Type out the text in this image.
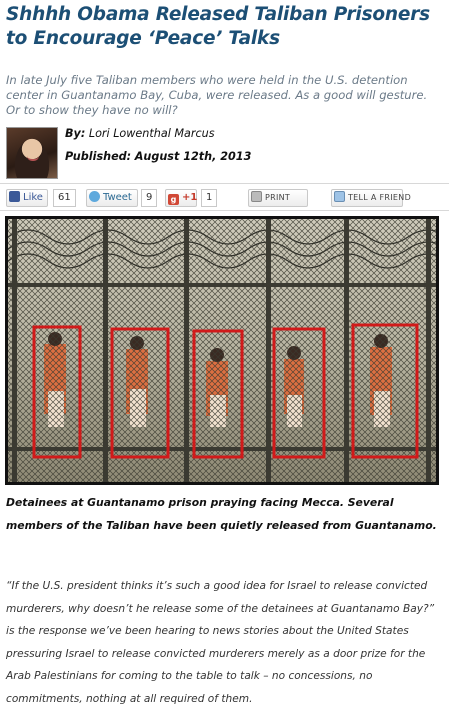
Shhhh Obama Released Taliban Prisoners to Encourage ‘Peace’ Talks

In late July five Taliban members who were held in the U.S. detention center in Guantanamo Bay, Cuba, were released. As a good will gesture. Or to show they have no will?

By: Lori Lowenthal Marcus
Published: August 12th, 2013
Like	61	Tweet	9	g +1 1	PRINT	TELL A FRIEND

Detainees at Guantanamo prison praying facing Mecca. Several members of the Taliban have been quietly released from Guantanamo.

“If the U.S. president thinks it’s such a good idea for Israel to release convicted murderers, why doesn’t he release some of the detainees at Guantanamo Bay?” is the response we’ve been hearing to news stories about the United States pressuring Israel to release convicted murderers merely as a door prize for the Arab Palestinians for coming to the table to talk – no concessions, no commitments, nothing at all required of them.
